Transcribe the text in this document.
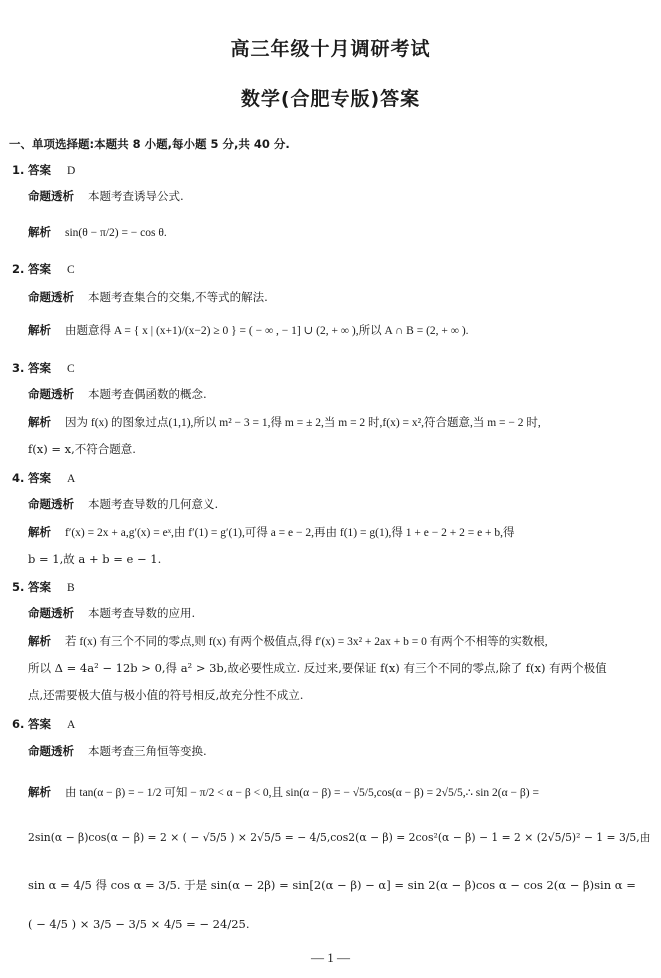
高三年级十月调研考试
数学(合肥专版)答案
一、单项选择题:本题共 8 小题,每小题 5 分,共 40 分.
1. 答案 D
命题透析 本题考查诱导公式.
解析 sin(θ − π/2) = − cos θ.
2. 答案 C
命题透析 本题考查集合的交集,不等式的解法.
解析 由题意得 A = { x | (x+1)/(x−2) ≥ 0 } = ( − ∞ , − 1] ∪ (2, + ∞ ),所以 A ∩ B = (2, + ∞ ).
3. 答案 C
命题透析 本题考查偶函数的概念.
解析 因为 f(x) 的图象过点(1,1),所以 m² − 3 = 1,得 m = ± 2,当 m = 2 时,f(x) = x²,符合题意,当 m = − 2 时,
f(x) = x,不符合题意.
4. 答案 A
命题透析 本题考查导数的几何意义.
解析 f′(x) = 2x + a,g′(x) = eˣ,由 f′(1) = g′(1),可得 a = e − 2,再由 f(1) = g(1),得 1 + e − 2 + 2 = e + b,得
b = 1,故 a + b = e − 1.
5. 答案 B
命题透析 本题考查导数的应用.
解析 若 f(x) 有三个不同的零点,则 f(x) 有两个极值点,得 f′(x) = 3x² + 2ax + b = 0 有两个不相等的实数根,
所以 Δ = 4a² − 12b > 0,得 a² > 3b,故必要性成立. 反过来,要保证 f(x) 有三个不同的零点,除了 f(x) 有两个极值
点,还需要极大值与极小值的符号相反,故充分性不成立.
6. 答案 A
命题透析 本题考查三角恒等变换.
解析 由 tan(α − β) = − 1/2 可知 − π/2 < α − β < 0,且 sin(α − β) = − √5/5,cos(α − β) = 2√5/5,∴ sin 2(α − β) =
2sin(α − β)cos(α − β) = 2 × ( − √5/5 ) × 2√5/5 = − 4/5,cos2(α − β) = 2cos²(α − β) − 1 = 2 × (2√5/5)² − 1 = 3/5,由
sin α = 4/5 得 cos α = 3/5. 于是 sin(α − 2β) = sin[2(α − β) − α] = sin 2(α − β)cos α − cos 2(α − β)sin α =
( − 4/5 ) × 3/5 − 3/5 × 4/5 = − 24/25.
— 1 —
